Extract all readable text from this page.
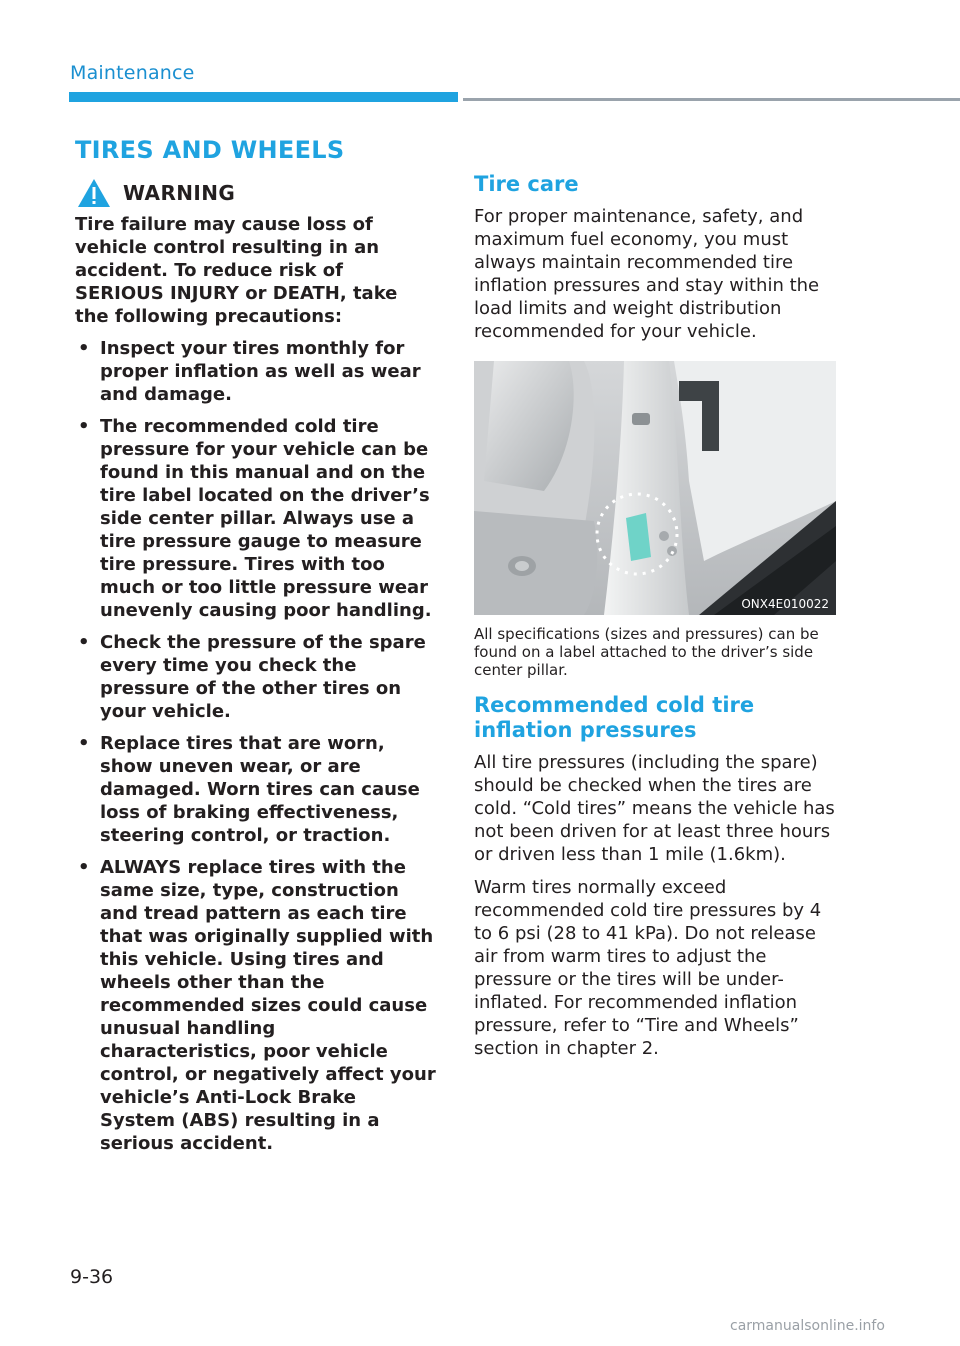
Maintenance
TIRES AND WHEELS
WARNING

Tire failure may cause loss of vehicle control resulting in an accident. To reduce risk of SERIOUS INJURY or DEATH, take the following precautions:

• Inspect your tires monthly for proper inflation as well as wear and damage.
• The recommended cold tire pressure for your vehicle can be found in this manual and on the tire label located on the driver’s side center pillar. Always use a tire pressure gauge to measure tire pressure. Tires with too much or too little pressure wear unevenly causing poor handling.
• Check the pressure of the spare every time you check the pressure of the other tires on your vehicle.
• Replace tires that are worn, show uneven wear, or are damaged. Worn tires can cause loss of braking effectiveness, steering control, or traction.
• ALWAYS replace tires with the same size, type, construction and tread pattern as each tire that was originally supplied with this vehicle. Using tires and wheels other than the recommended sizes could cause unusual handling characteristics, poor vehicle control, or negatively affect your vehicle’s Anti-Lock Brake System (ABS) resulting in a serious accident.
Tire care

For proper maintenance, safety, and maximum fuel economy, you must always maintain recommended tire inflation pressures and stay within the load limits and weight distribution recommended for your vehicle.

ONX4E010022

All specifications (sizes and pressures) can be found on a label attached to the driver’s side center pillar.

Recommended cold tire inflation pressures

All tire pressures (including the spare) should be checked when the tires are cold. “Cold tires” means the vehicle has not been driven for at least three hours or driven less than 1 mile (1.6km).

Warm tires normally exceed recommended cold tire pressures by 4 to 6 psi (28 to 41 kPa). Do not release air from warm tires to adjust the pressure or the tires will be under-inflated. For recommended inflation pressure, refer to “Tire and Wheels” section in chapter 2.

9-36
carmanualsonline.info
